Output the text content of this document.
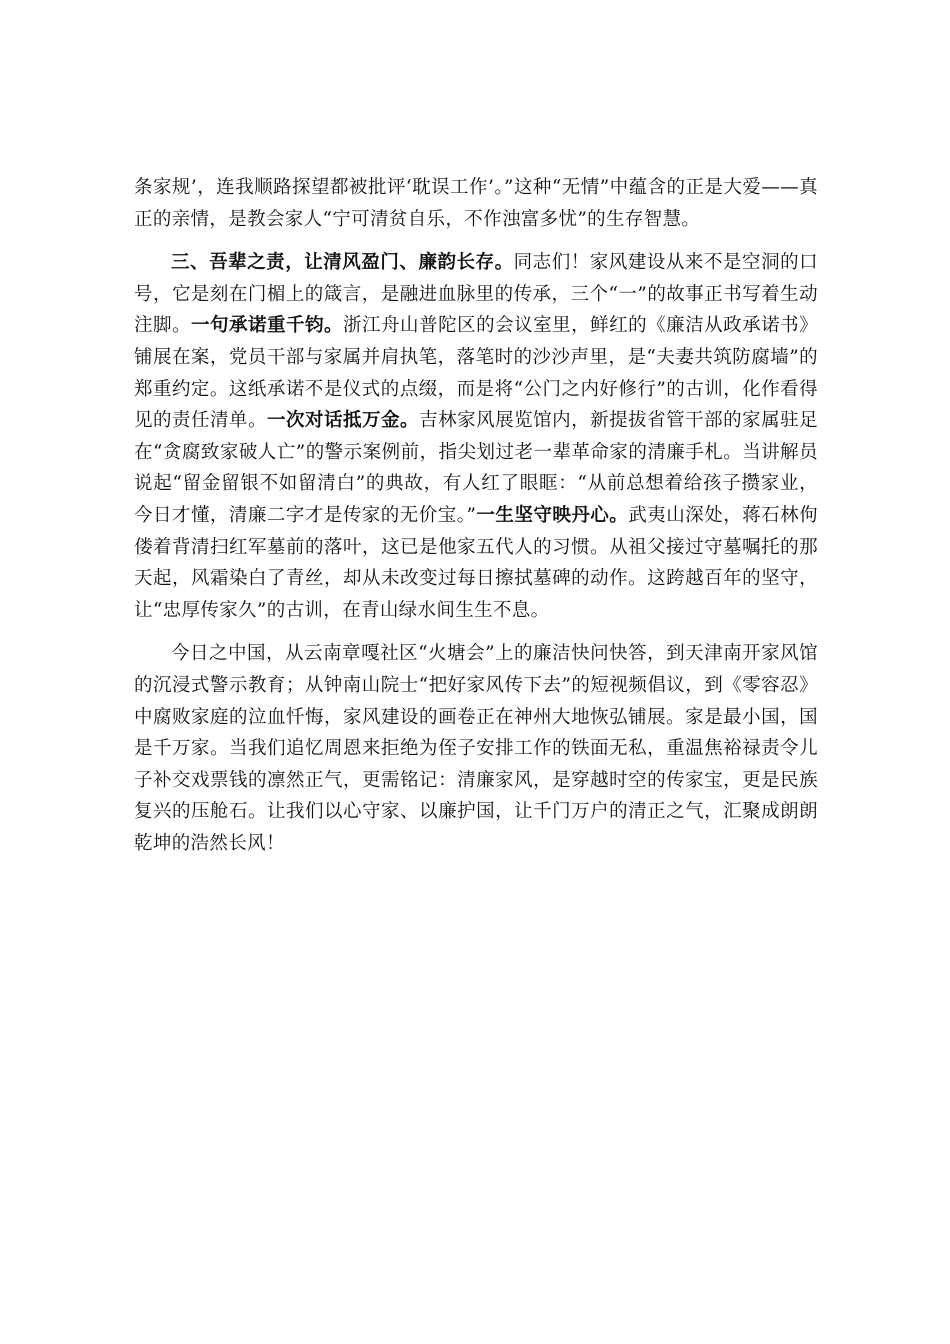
条家规’，连我顺路探望都被批评‘耽误工作’。”这种“无情”中蕴含的正是大爱——真正的亲情，是教会家人“宁可清贫自乐，不作浊富多忧”的生存智慧。

三、吾辈之责，让清风盈门、廉韵长存。同志们！家风建设从来不是空洞的口号，它是刻在门楣上的箴言，是融进血脉里的传承，三个“一”的故事正书写着生动注脚。一句承诺重千钧。浙江舟山普陀区的会议室里，鲜红的《廉洁从政承诺书》铺展在案，党员干部与家属并肩执笔，落笔时的沙沙声里，是“夫妻共筑防腐墙”的郑重约定。这纸承诺不是仪式的点缀，而是将“公门之内好修行”的古训，化作看得见的责任清单。一次对话抵万金。吉林家风展览馆内，新提拔省管干部的家属驻足在“贪腐致家破人亡”的警示案例前，指尖划过老一辈革命家的清廉手札。当讲解员说起“留金留银不如留清白”的典故，有人红了眼眶：“从前总想着给孩子攒家业，今日才懂，清廉二字才是传家的无价宝。”一生坚守映丹心。武夷山深处，蒋石林佝偻着背清扫红军墓前的落叶，这已是他家五代人的习惯。从祖父接过守墓嘱托的那天起，风霜染白了青丝，却从未改变过每日擦拭墓碑的动作。这跨越百年的坚守，让“忠厚传家久”的古训，在青山绿水间生生不息。

今日之中国，从云南章嘎社区“火塘会”上的廉洁快问快答，到天津南开家风馆的沉浸式警示教育；从钟南山院士“把好家风传下去”的短视频倡议，到《零容忍》中腐败家庭的泣血忏悔，家风建设的画卷正在神州大地恢弘铺展。家是最小国，国是千万家。当我们追忆周恩来拒绝为侄子安排工作的铁面无私，重温焦裕禄责令儿子补交戏票钱的凛然正气，更需铭记：清廉家风，是穿越时空的传家宝，更是民族复兴的压舱石。让我们以心守家、以廉护国，让千门万户的清正之气，汇聚成朗朗乾坤的浩然长风！
